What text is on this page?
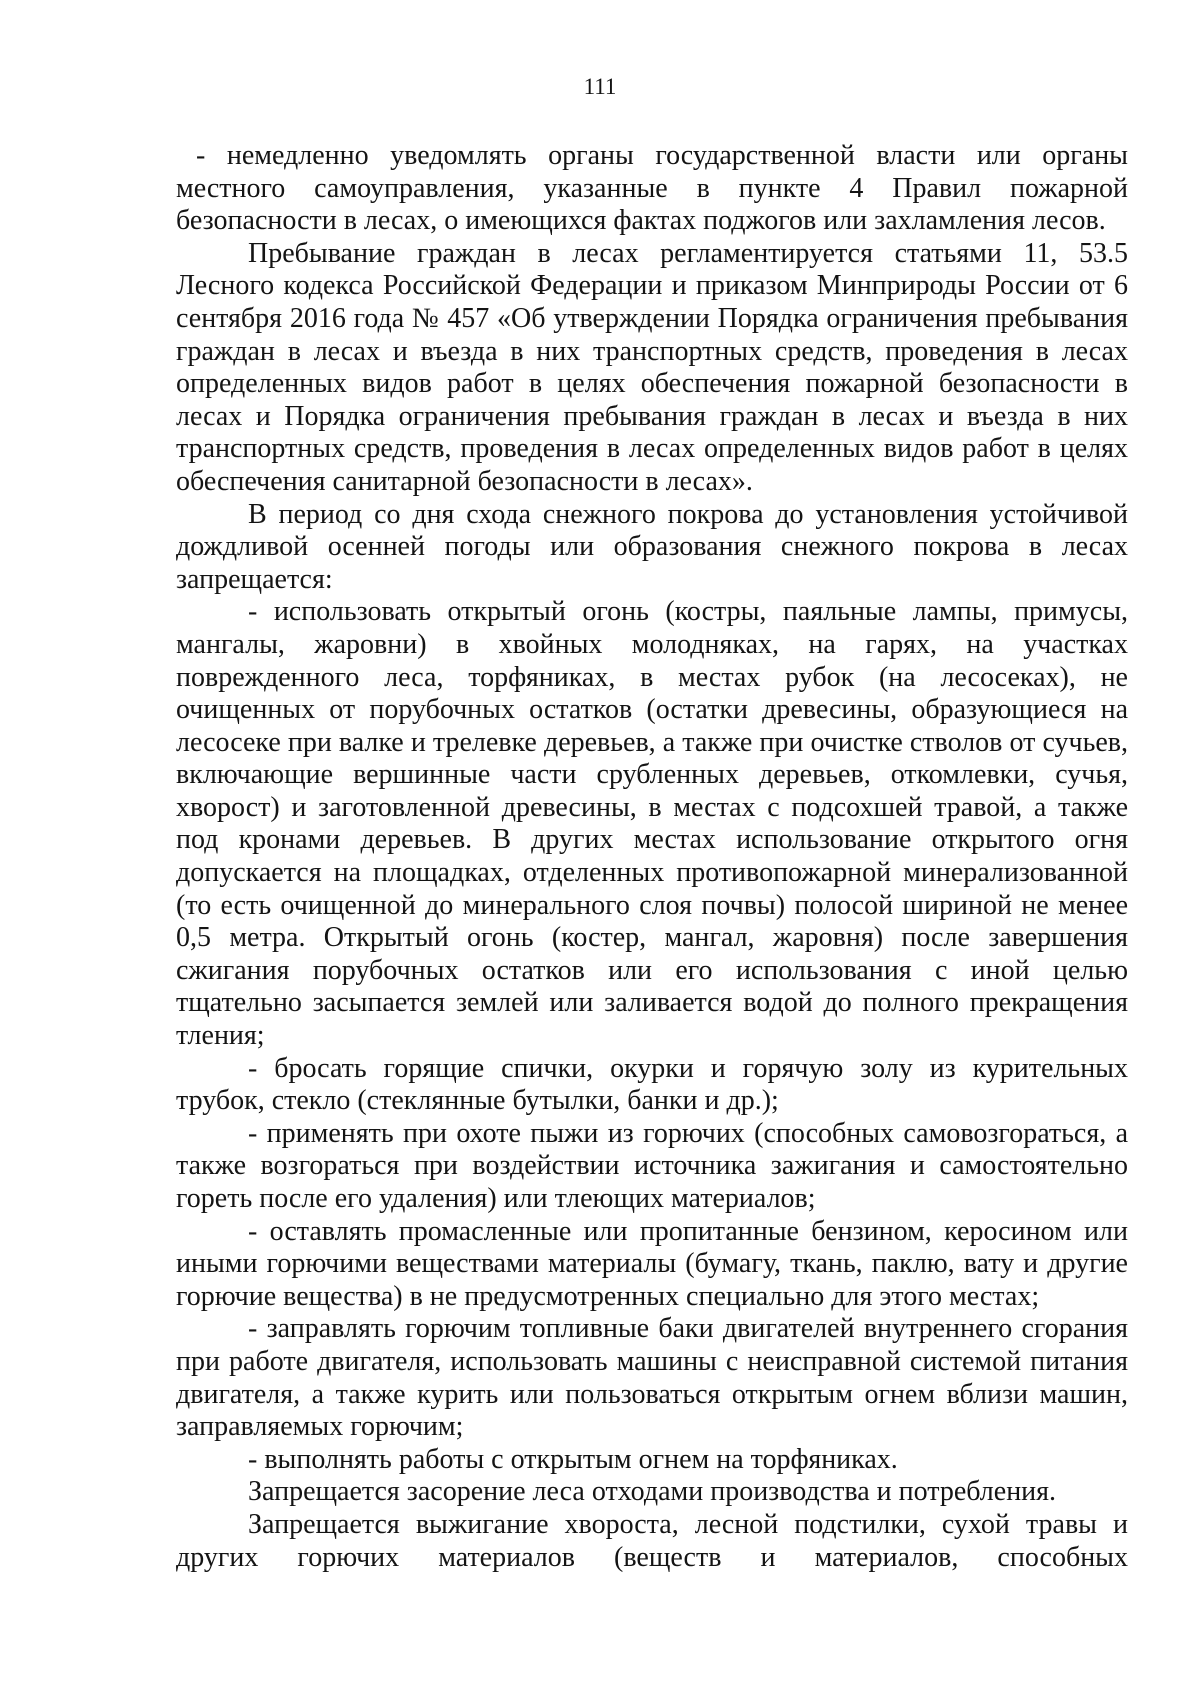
111

- немедленно уведомлять органы государственной власти или органы местного самоуправления, указанные в пункте 4 Правил пожарной безопасности в лесах, о имеющихся фактах поджогов или захламления лесов.

Пребывание граждан в лесах регламентируется статьями 11, 53.5 Лесного кодекса Российской Федерации и приказом Минприроды России от 6 сентября 2016 года № 457 «Об утверждении Порядка ограничения пребывания граждан в лесах и въезда в них транспортных средств, проведения в лесах определенных видов работ в целях обеспечения пожарной безопасности в лесах и Порядка ограничения пребывания граждан в лесах и въезда в них транспортных средств, проведения в лесах определенных видов работ в целях обеспечения санитарной безопасности в лесах».

В период со дня схода снежного покрова до установления устойчивой дождливой осенней погоды или образования снежного покрова в лесах запрещается:

- использовать открытый огонь (костры, паяльные лампы, примусы, мангалы, жаровни) в хвойных молодняках, на гарях, на участках поврежденного леса, торфяниках, в местах рубок (на лесосеках), не очищенных от порубочных остатков (остатки древесины, образующиеся на лесосеке при валке и трелевке деревьев, а также при очистке стволов от сучьев, включающие вершинные части срубленных деревьев, откомлевки, сучья, хворост) и заготовленной древесины, в местах с подсохшей травой, а также под кронами деревьев. В других местах использование открытого огня допускается на площадках, отделенных противопожарной минерализованной (то есть очищенной до минерального слоя почвы) полосой шириной не менее 0,5 метра. Открытый огонь (костер, мангал, жаровня) после завершения сжигания порубочных остатков или его использования с иной целью тщательно засыпается землей или заливается водой до полного прекращения тления;

- бросать горящие спички, окурки и горячую золу из курительных трубок, стекло (стеклянные бутылки, банки и др.);

- применять при охоте пыжи из горючих (способных самовозгораться, а также возгораться при воздействии источника зажигания и самостоятельно гореть после его удаления) или тлеющих материалов;

- оставлять промасленные или пропитанные бензином, керосином или иными горючими веществами материалы (бумагу, ткань, паклю, вату и другие горючие вещества) в не предусмотренных специально для этого местах;

- заправлять горючим топливные баки двигателей внутреннего сгорания при работе двигателя, использовать машины с неисправной системой питания двигателя, а также курить или пользоваться открытым огнем вблизи машин, заправляемых горючим;

- выполнять работы с открытым огнем на торфяниках.

Запрещается засорение леса отходами производства и потребления.

Запрещается выжигание хвороста, лесной подстилки, сухой травы и других горючих материалов (веществ и материалов, способных
